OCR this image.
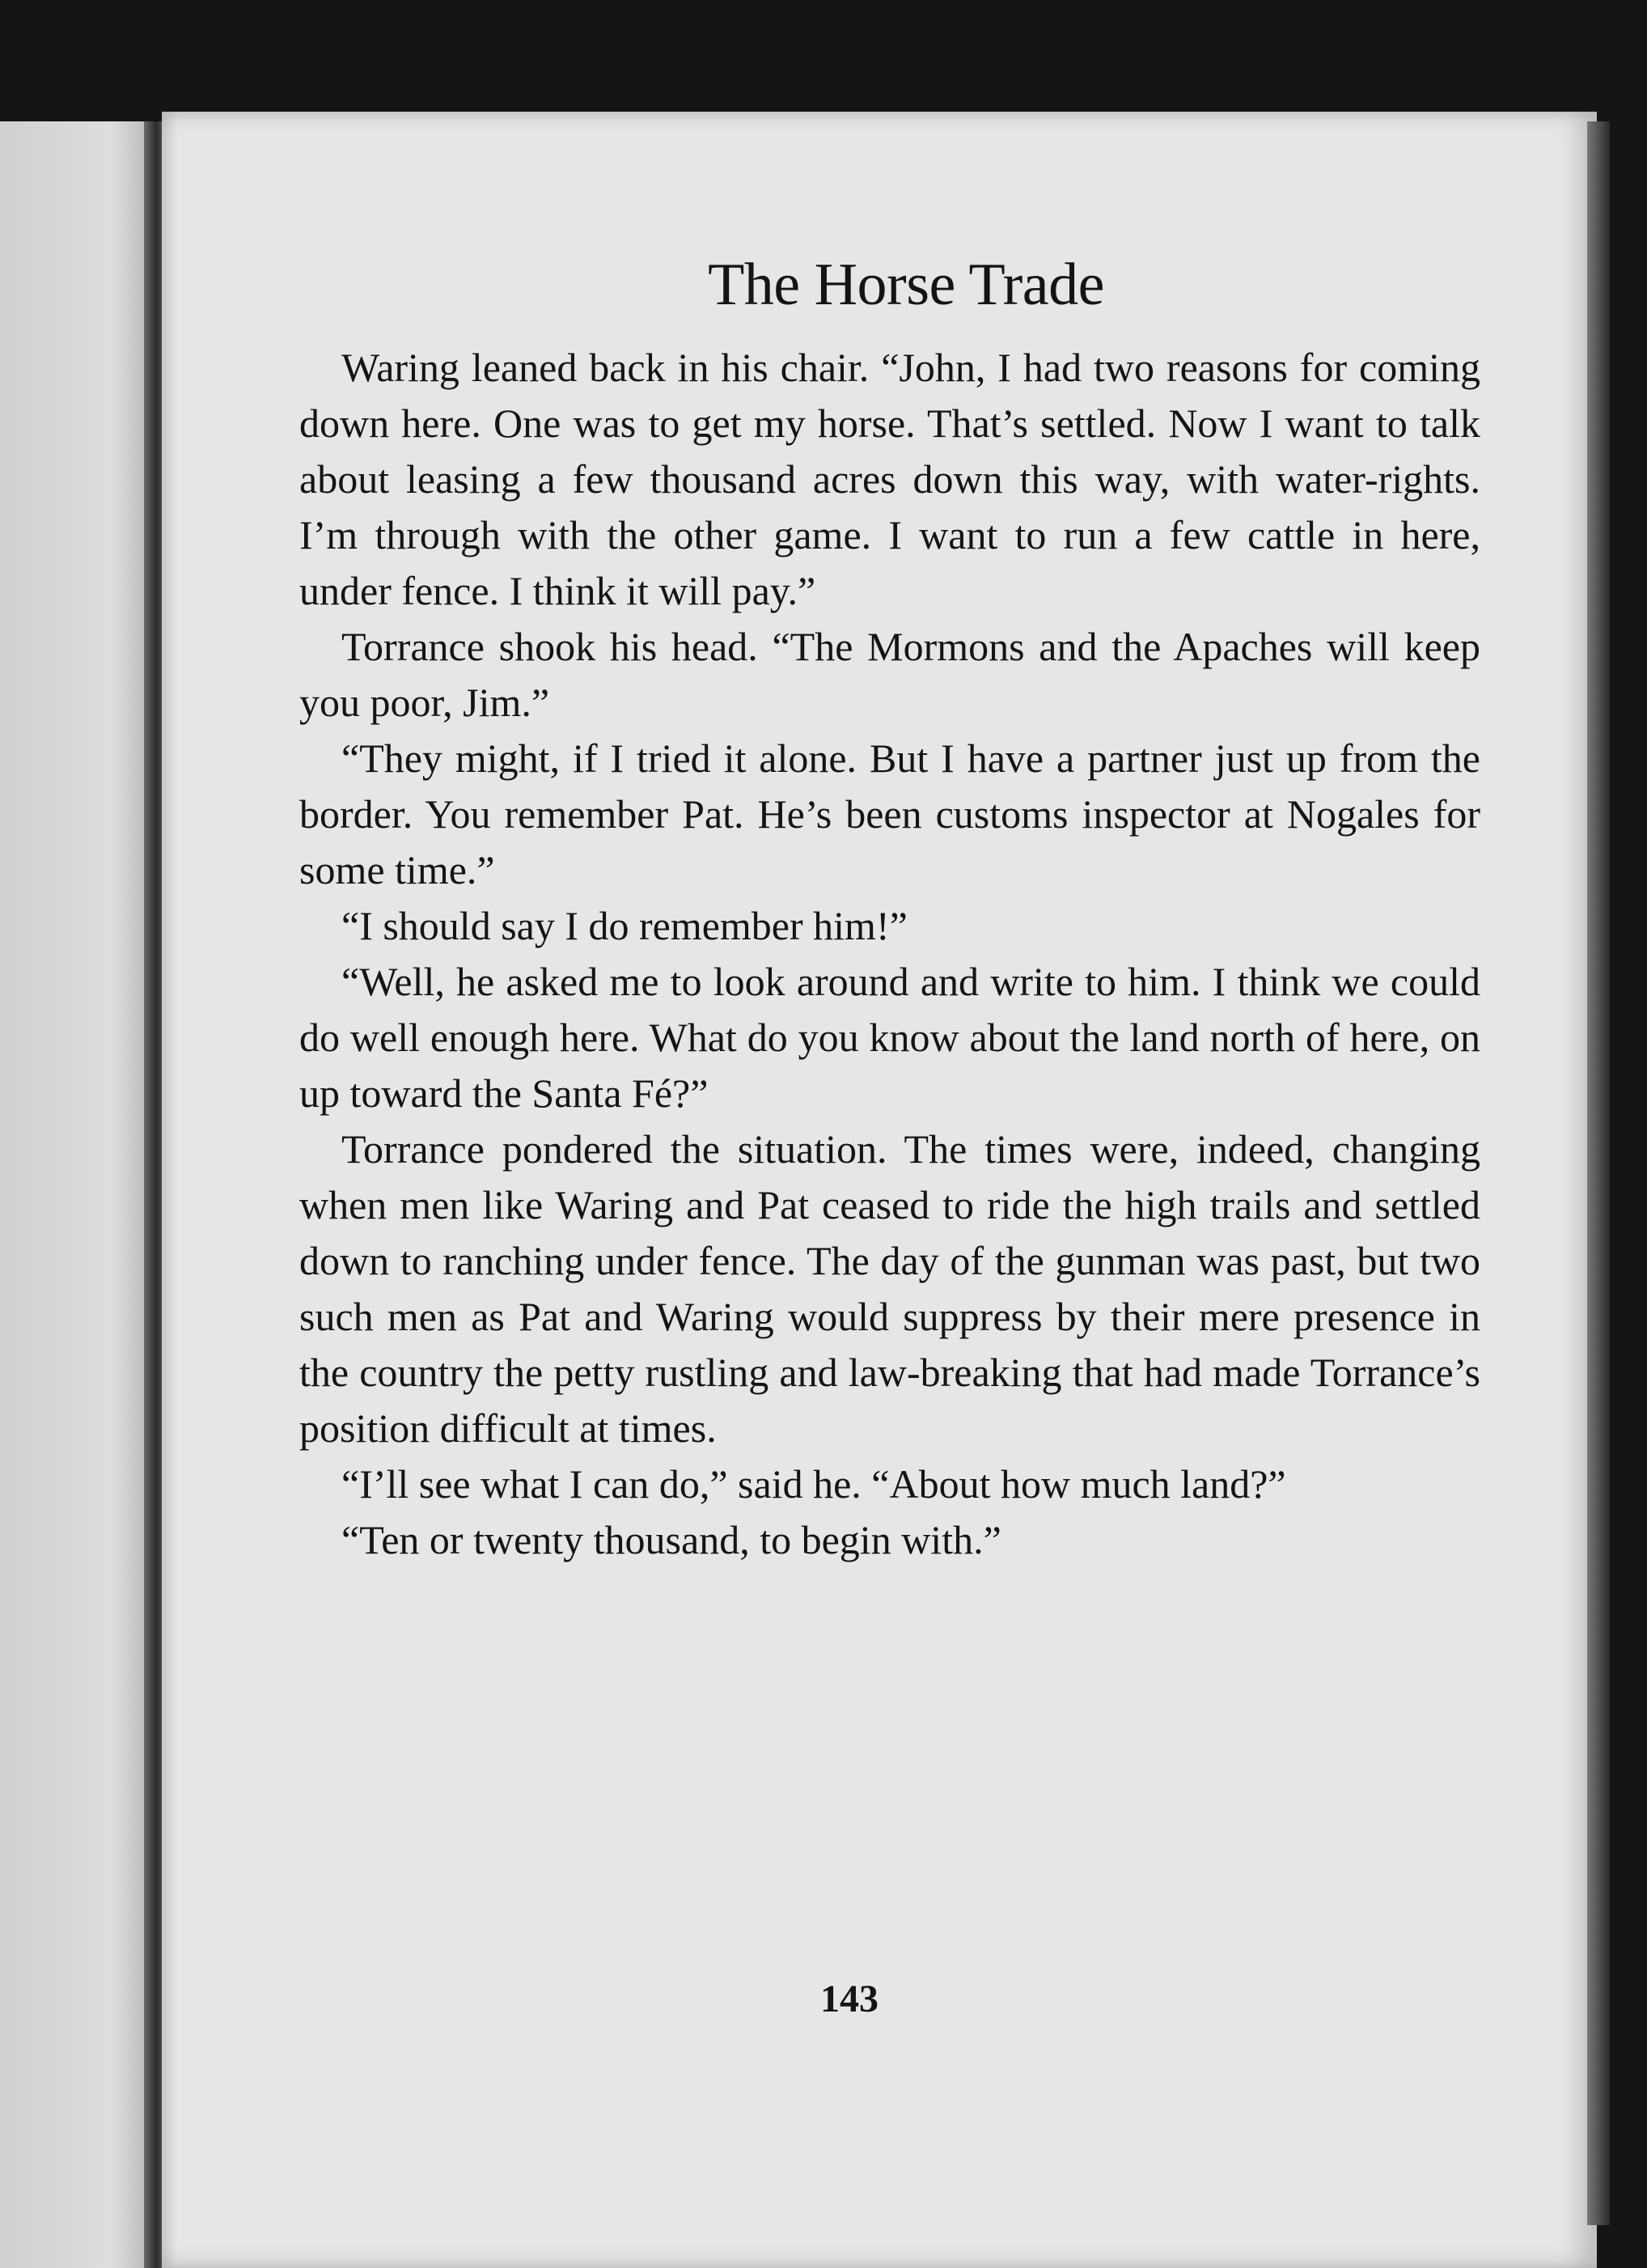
The Horse Trade

Waring leaned back in his chair. “John, I had two reasons for coming down here. One was to get my horse. That’s settled. Now I want to talk about leasing a few thousand acres down this way, with water-rights. I’m through with the other game. I want to run a few cattle in here, under fence. I think it will pay.”

Torrance shook his head. “The Mormons and the Apaches will keep you poor, Jim.”

“They might, if I tried it alone. But I have a partner just up from the border. You remember Pat. He’s been customs inspector at Nogales for some time.”

“I should say I do remember him!”

“Well, he asked me to look around and write to him. I think we could do well enough here. What do you know about the land north of here, on up toward the Santa Fé?”

Torrance pondered the situation. The times were, indeed, changing when men like Waring and Pat ceased to ride the high trails and settled down to ranching under fence. The day of the gunman was past, but two such men as Pat and Waring would suppress by their mere presence in the country the petty rustling and law-breaking that had made Torrance’s position difficult at times.

“I’ll see what I can do,” said he. “About how much land?”

“Ten or twenty thousand, to begin with.”

143
